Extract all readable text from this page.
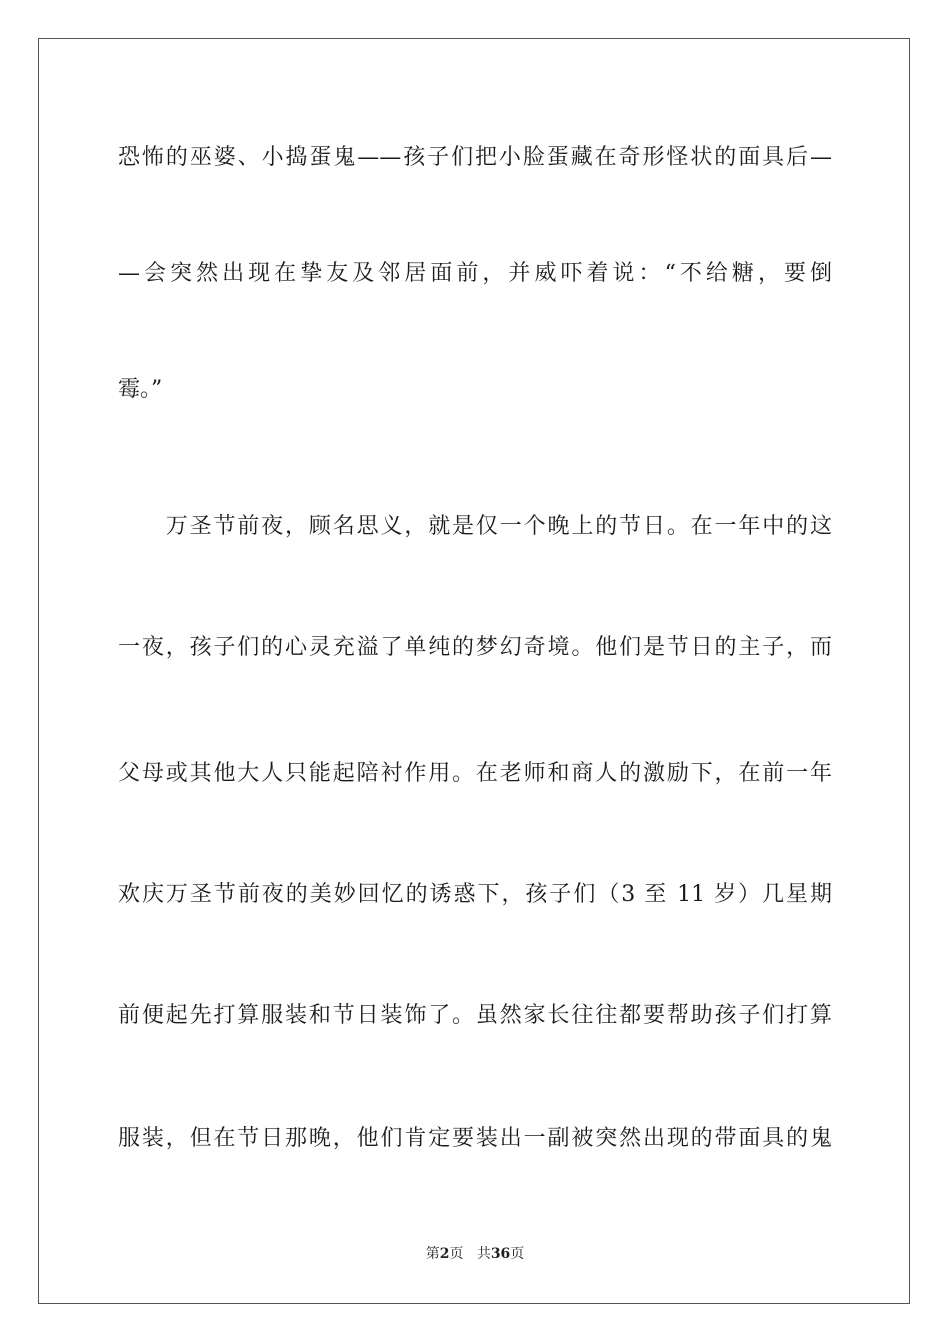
恐怖的巫婆、小捣蛋鬼——孩子们把小脸蛋藏在奇形怪状的面具后—
—会突然出现在挚友及邻居面前，并威吓着说：“不给糖，要倒
霉。”
　　万圣节前夜，顾名思义，就是仅一个晚上的节日。在一年中的这
一夜，孩子们的心灵充溢了单纯的梦幻奇境。他们是节日的主子，而
父母或其他大人只能起陪衬作用。在老师和商人的激励下，在前一年
欢庆万圣节前夜的美妙回忆的诱惑下，孩子们（3 至 11 岁）几星期
前便起先打算服装和节日装饰了。虽然家长往往都要帮助孩子们打算
服装，但在节日那晚，他们肯定要装出一副被突然出现的带面具的鬼
第2页 共36页
